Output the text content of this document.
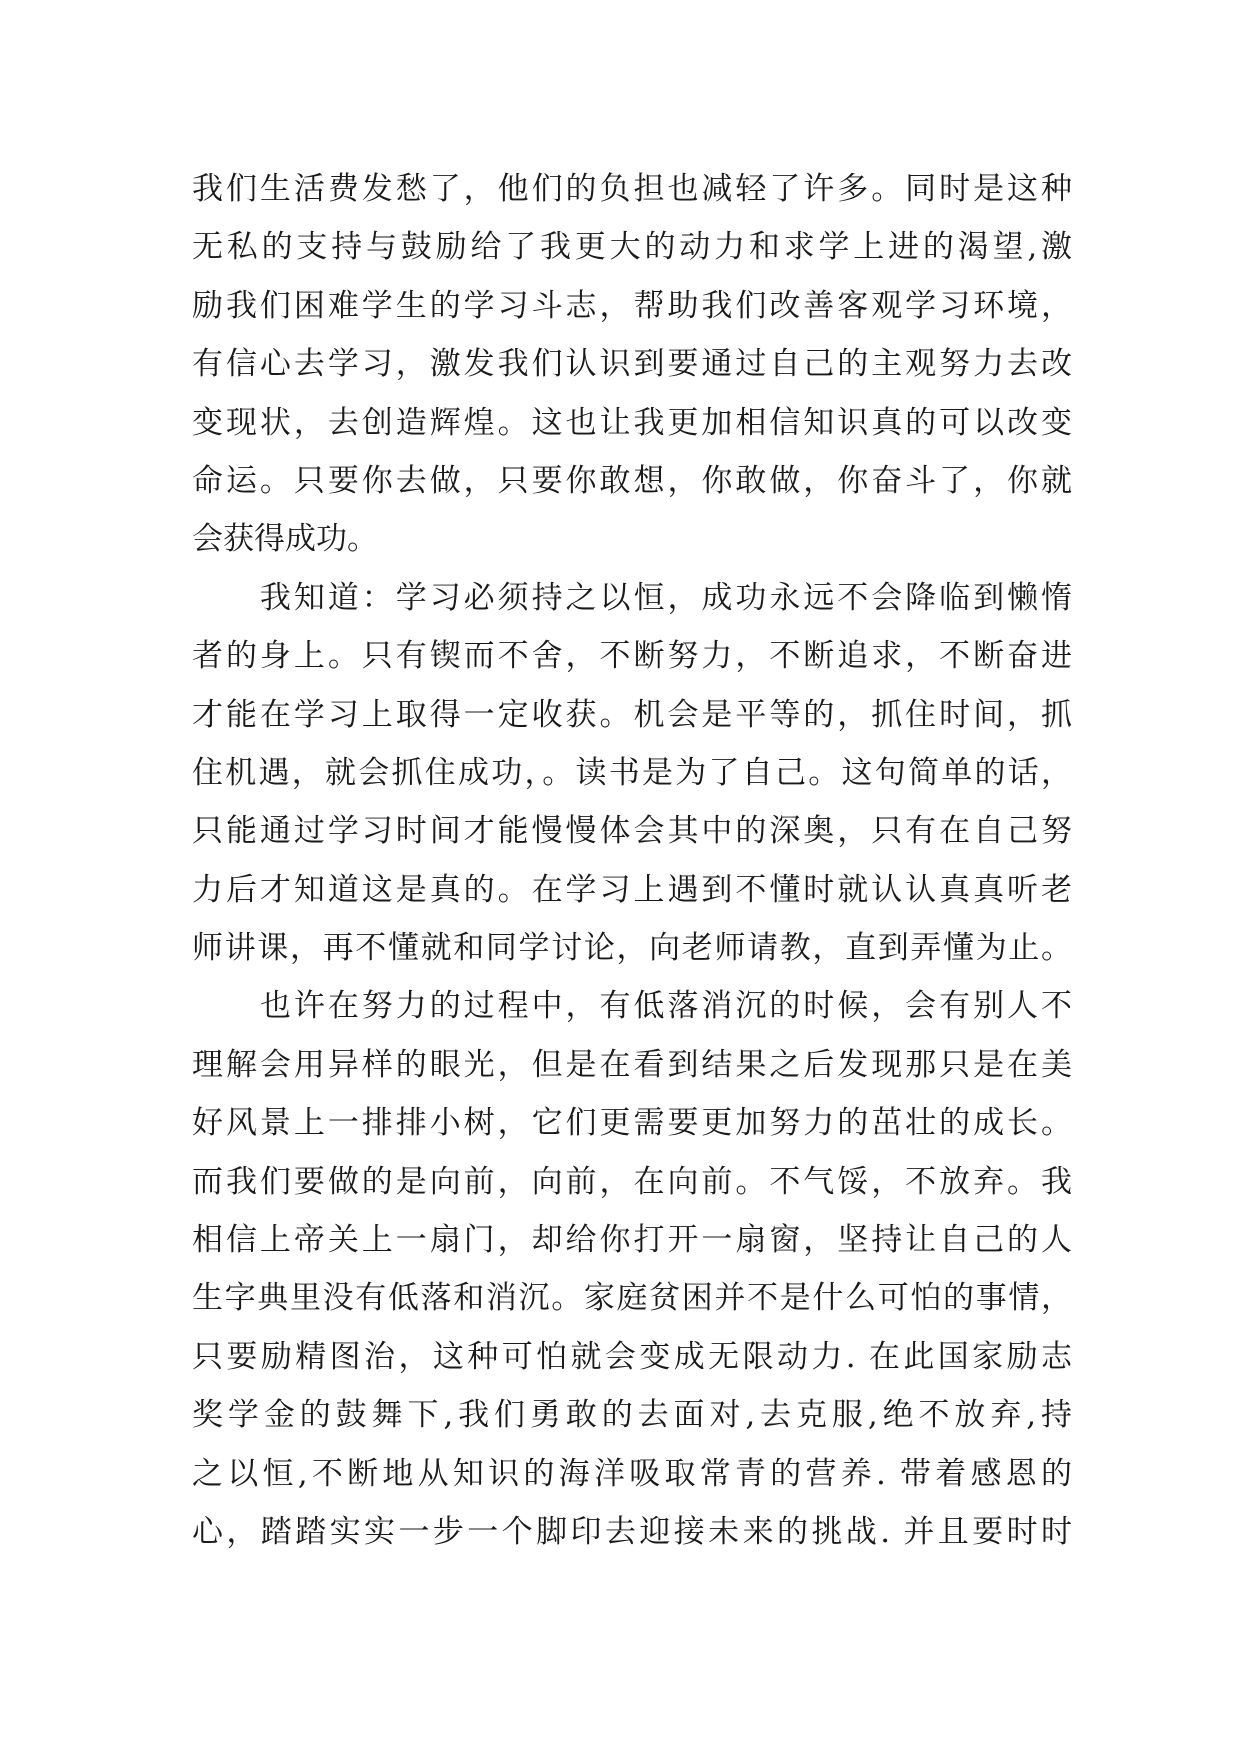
我们生活费发愁了，他们的负担也减轻了许多。同时是这种
无私的支持与鼓励给了我更大的动力和求学上进的渴望,激
励我们困难学生的学习斗志，帮助我们改善客观学习环境，
有信心去学习，激发我们认识到要通过自己的主观努力去改
变现状，去创造辉煌。这也让我更加相信知识真的可以改变
命运。只要你去做，只要你敢想，你敢做，你奋斗了，你就
会获得成功。
　　我知道：学习必须持之以恒，成功永远不会降临到懒惰
者的身上。只有锲而不舍，不断努力，不断追求，不断奋进
才能在学习上取得一定收获。机会是平等的，抓住时间，抓
住机遇，就会抓住成功，。读书是为了自己。这句简单的话，
只能通过学习时间才能慢慢体会其中的深奥，只有在自己努
力后才知道这是真的。在学习上遇到不懂时就认认真真听老
师讲课，再不懂就和同学讨论，向老师请教，直到弄懂为止。
　　也许在努力的过程中，有低落消沉的时候，会有别人不
理解会用异样的眼光，但是在看到结果之后发现那只是在美
好风景上一排排小树，它们更需要更加努力的茁壮的成长。
而我们要做的是向前，向前，在向前。不气馁，不放弃。我
相信上帝关上一扇门，却给你打开一扇窗，坚持让自己的人
生字典里没有低落和消沉。家庭贫困并不是什么可怕的事情，
只要励精图治，这种可怕就会变成无限动力. 在此国家励志
奖学金的鼓舞下,我们勇敢的去面对,去克服,绝不放弃,持
之以恒,不断地从知识的海洋吸取常青的营养. 带着感恩的
心，踏踏实实一步一个脚印去迎接未来的挑战. 并且要时时
